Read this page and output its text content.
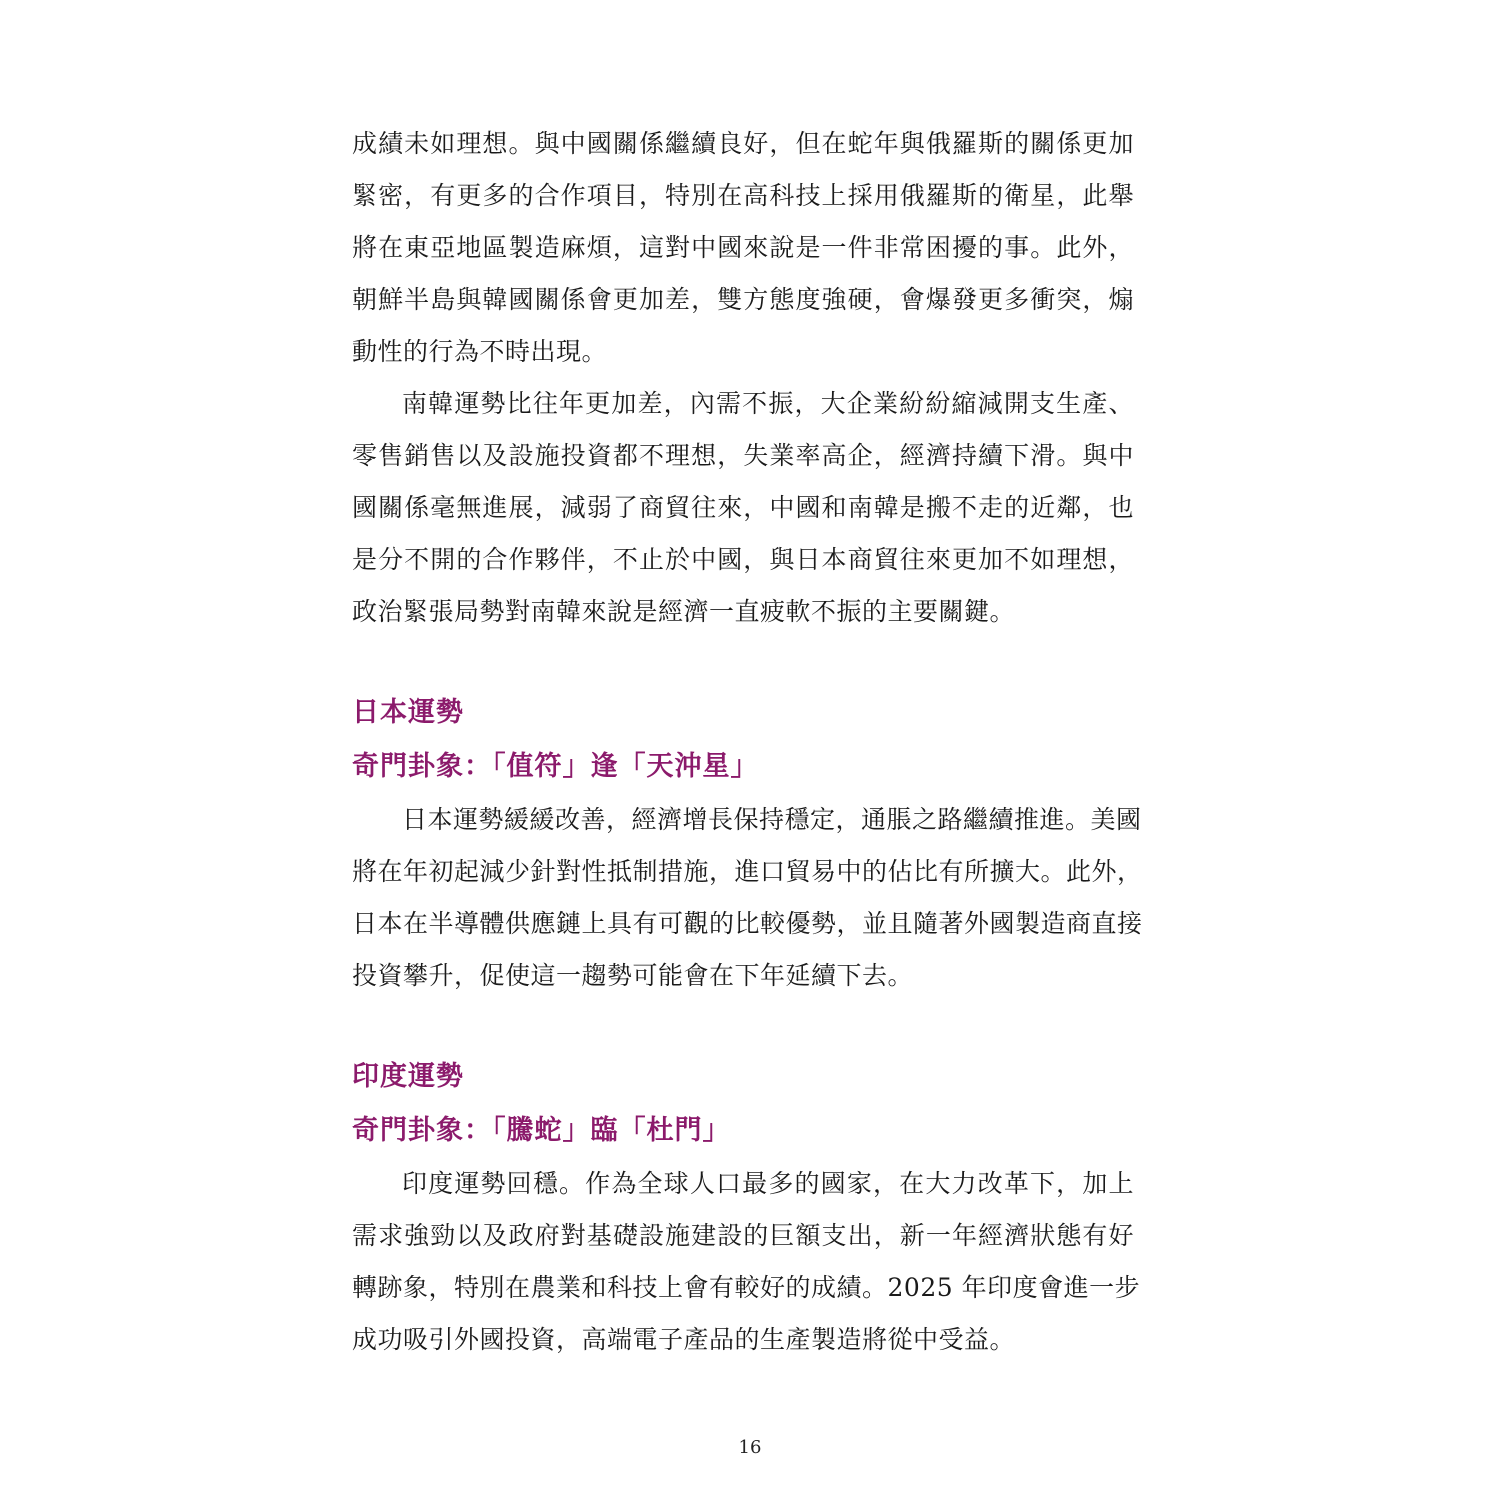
成績未如理想。與中國關係繼續良好，但在蛇年與俄羅斯的關係更加
緊密，有更多的合作項目，特別在高科技上採用俄羅斯的衛星，此舉
將在東亞地區製造麻煩，這對中國來說是一件非常困擾的事。此外，
朝鮮半島與韓國關係會更加差，雙方態度強硬，會爆發更多衝突，煽
動性的行為不時出現。
南韓運勢比往年更加差，內需不振，大企業紛紛縮減開支生產、
零售銷售以及設施投資都不理想，失業率高企，經濟持續下滑。與中
國關係毫無進展，減弱了商貿往來，中國和南韓是搬不走的近鄰，也
是分不開的合作夥伴，不止於中國，與日本商貿往來更加不如理想，
政治緊張局勢對南韓來說是經濟一直疲軟不振的主要關鍵。
日本運勢
奇門卦象：「值符」逢「天沖星」
日本運勢緩緩改善，經濟增長保持穩定，通脹之路繼續推進。美國
將在年初起減少針對性抵制措施，進口貿易中的佔比有所擴大。此外，
日本在半導體供應鏈上具有可觀的比較優勢，並且隨著外國製造商直接
投資攀升，促使這一趨勢可能會在下年延續下去。
印度運勢
奇門卦象：「騰蛇」臨「杜門」
印度運勢回穩。作為全球人口最多的國家，在大力改革下，加上
需求強勁以及政府對基礎設施建設的巨額支出，新一年經濟狀態有好
轉跡象，特別在農業和科技上會有較好的成績。2025 年印度會進一步
成功吸引外國投資，高端電子產品的生產製造將從中受益。
16
